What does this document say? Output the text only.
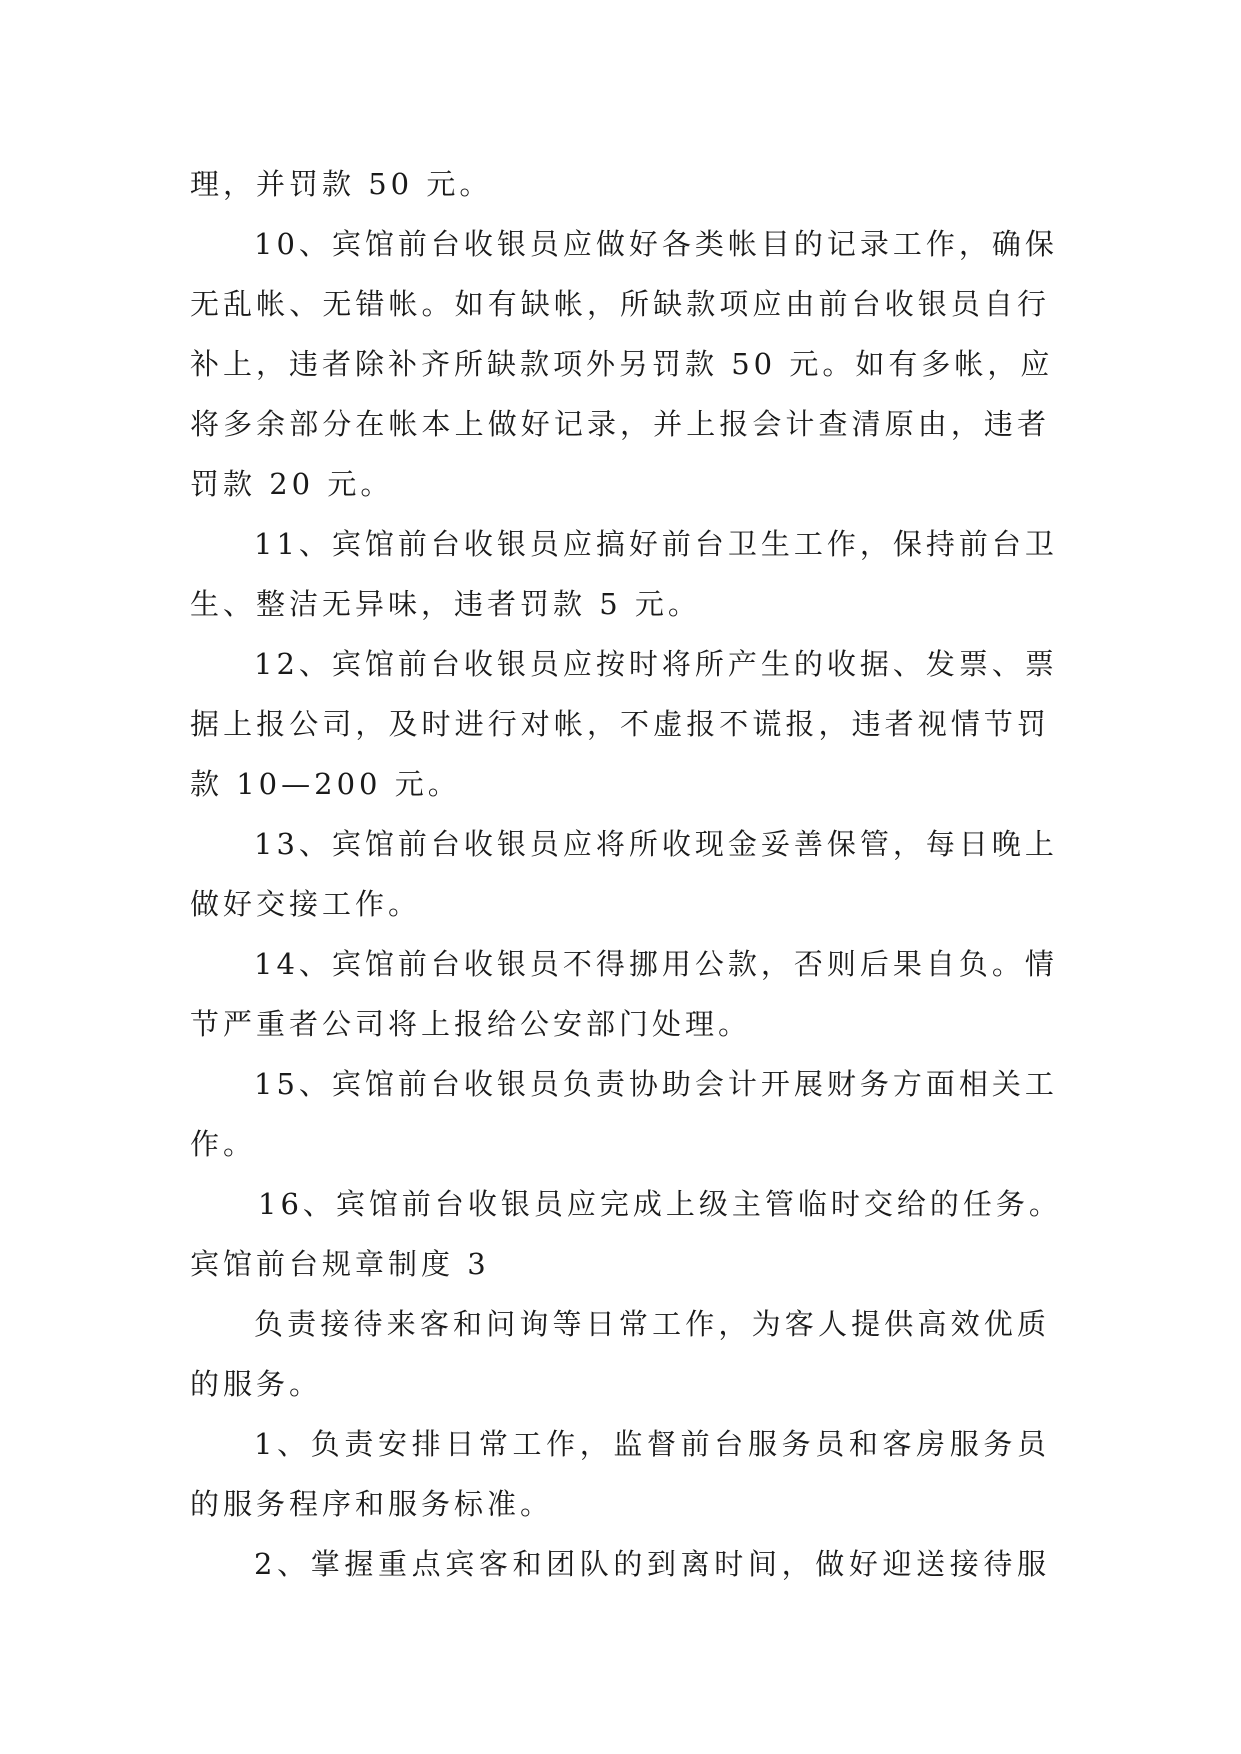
理，并罚款 50 元。
10、宾馆前台收银员应做好各类帐目的记录工作，确保
无乱帐、无错帐。如有缺帐，所缺款项应由前台收银员自行
补上，违者除补齐所缺款项外另罚款 50 元。如有多帐，应
将多余部分在帐本上做好记录，并上报会计查清原由，违者
罚款 20 元。
11、宾馆前台收银员应搞好前台卫生工作，保持前台卫
生、整洁无异味，违者罚款 5 元。
12、宾馆前台收银员应按时将所产生的收据、发票、票
据上报公司，及时进行对帐，不虚报不谎报，违者视情节罚
款 10—200 元。
13、宾馆前台收银员应将所收现金妥善保管，每日晚上
做好交接工作。
14、宾馆前台收银员不得挪用公款，否则后果自负。情
节严重者公司将上报给公安部门处理。
15、宾馆前台收银员负责协助会计开展财务方面相关工
作。
16、宾馆前台收银员应完成上级主管临时交给的任务。
宾馆前台规章制度 3
负责接待来客和问询等日常工作，为客人提供高效优质
的服务。
1、负责安排日常工作，监督前台服务员和客房服务员
的服务程序和服务标准。
2、掌握重点宾客和团队的到离时间，做好迎送接待服
